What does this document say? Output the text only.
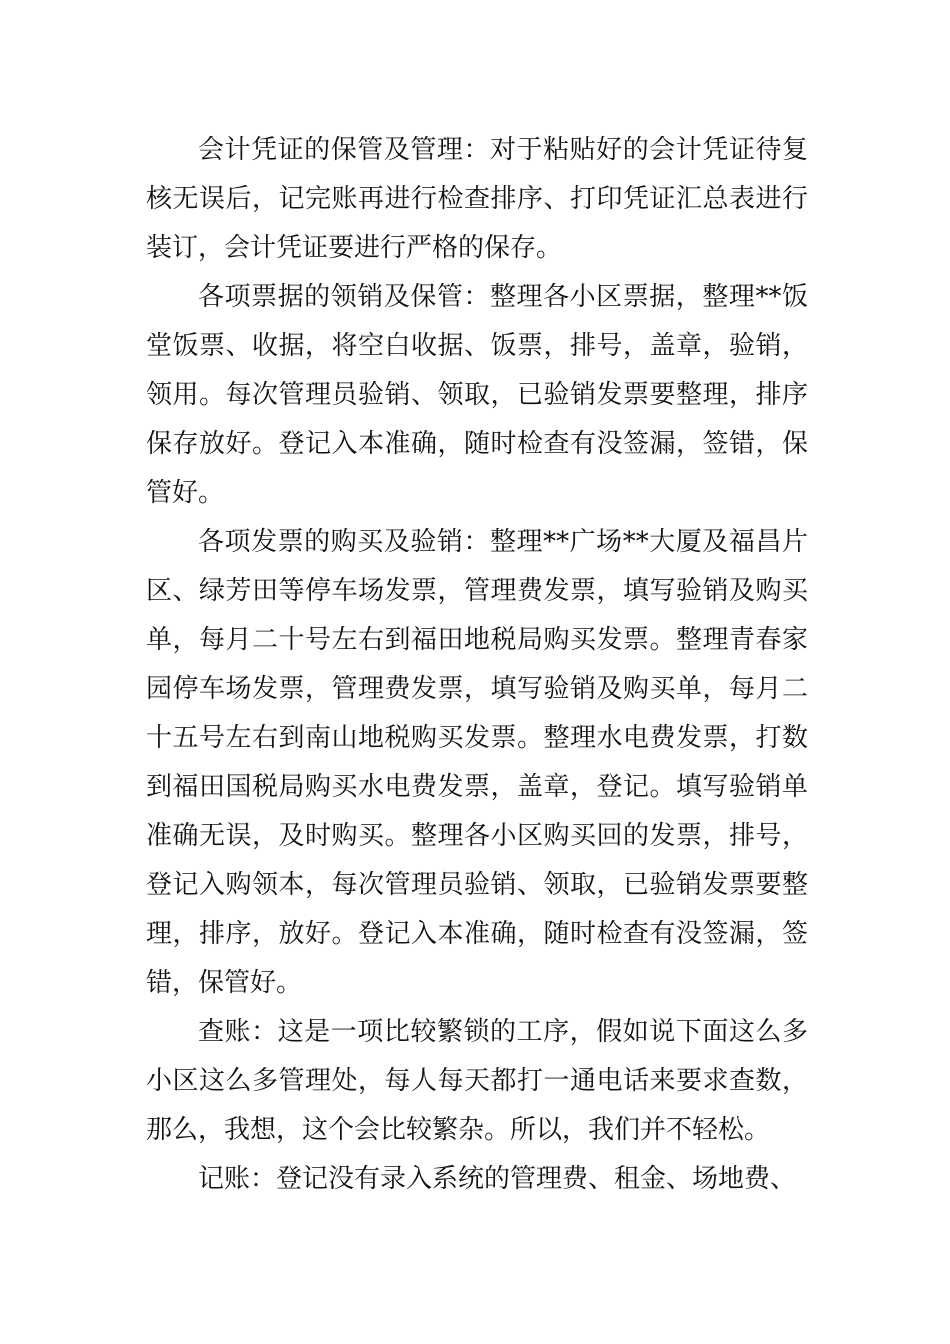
会计凭证的保管及管理：对于粘贴好的会计凭证待复核无误后，记完账再进行检查排序、打印凭证汇总表进行装订，会计凭证要进行严格的保存。

各项票据的领销及保管：整理各小区票据，整理**饭堂饭票、收据，将空白收据、饭票，排号，盖章，验销，领用。每次管理员验销、领取，已验销发票要整理，排序保存放好。登记入本准确，随时检查有没签漏，签错，保管好。

各项发票的购买及验销：整理**广场**大厦及福昌片区、绿芳田等停车场发票，管理费发票，填写验销及购买单，每月二十号左右到福田地税局购买发票。整理青春家园停车场发票，管理费发票，填写验销及购买单，每月二十五号左右到南山地税购买发票。整理水电费发票，打数到福田国税局购买水电费发票，盖章，登记。填写验销单准确无误，及时购买。整理各小区购买回的发票，排号，登记入购领本，每次管理员验销、领取，已验销发票要整理，排序，放好。登记入本准确，随时检查有没签漏，签错，保管好。

查账：这是一项比较繁锁的工序，假如说下面这么多小区这么多管理处，每人每天都打一通电话来要求查数，那么，我想，这个会比较繁杂。所以，我们并不轻松。

记账：登记没有录入系统的管理费、租金、场地费、
